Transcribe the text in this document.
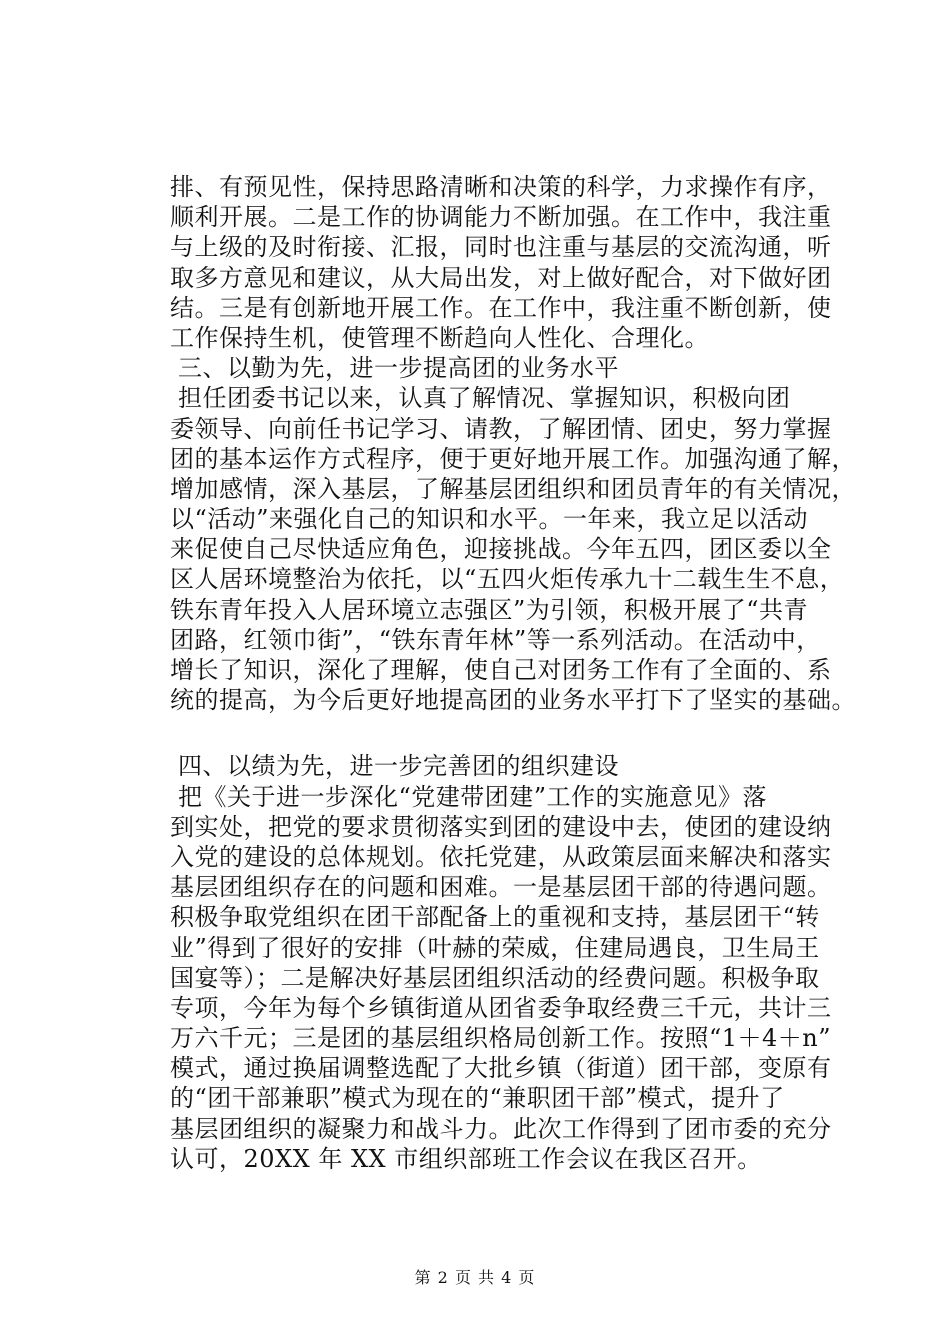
排、有预见性，保持思路清晰和决策的科学，力求操作有序，
顺利开展。二是工作的协调能力不断加强。在工作中，我注重
与上级的及时衔接、汇报，同时也注重与基层的交流沟通，听
取多方意见和建议，从大局出发，对上做好配合，对下做好团
结。三是有创新地开展工作。在工作中，我注重不断创新，使
工作保持生机，使管理不断趋向人性化、合理化。
三、以勤为先，进一步提高团的业务水平
担任团委书记以来，认真了解情况、掌握知识，积极向团
委领导、向前任书记学习、请教，了解团情、团史，努力掌握
团的基本运作方式程序，便于更好地开展工作。加强沟通了解，
增加感情，深入基层，了解基层团组织和团员青年的有关情况，
以“活动”来强化自己的知识和水平。一年来，我立足以活动
来促使自己尽快适应角色，迎接挑战。今年五四，团区委以全
区人居环境整治为依托，以“五四火炬传承九十二载生生不息，
铁东青年投入人居环境立志强区”为引领，积极开展了“共青
团路，红领巾街”，“铁东青年林”等一系列活动。在活动中，
增长了知识，深化了理解，使自己对团务工作有了全面的、系
统的提高，为今后更好地提高团的业务水平打下了坚实的基础。
四、以绩为先，进一步完善团的组织建设
把《关于进一步深化“党建带团建”工作的实施意见》落
到实处，把党的要求贯彻落实到团的建设中去，使团的建设纳
入党的建设的总体规划。依托党建，从政策层面来解决和落实
基层团组织存在的问题和困难。一是基层团干部的待遇问题。
积极争取党组织在团干部配备上的重视和支持，基层团干“转
业”得到了很好的安排（叶赫的荣威，住建局遇良，卫生局王
国宴等）；二是解决好基层团组织活动的经费问题。积极争取
专项，今年为每个乡镇街道从团省委争取经费三千元，共计三
万六千元；三是团的基层组织格局创新工作。按照“1＋4＋n”
模式，通过换届调整选配了大批乡镇（街道）团干部，变原有
的“团干部兼职”模式为现在的“兼职团干部”模式，提升了
基层团组织的凝聚力和战斗力。此次工作得到了团市委的充分
认可，20XX 年 XX 市组织部班工作会议在我区召开。
第 2 页 共 4 页
